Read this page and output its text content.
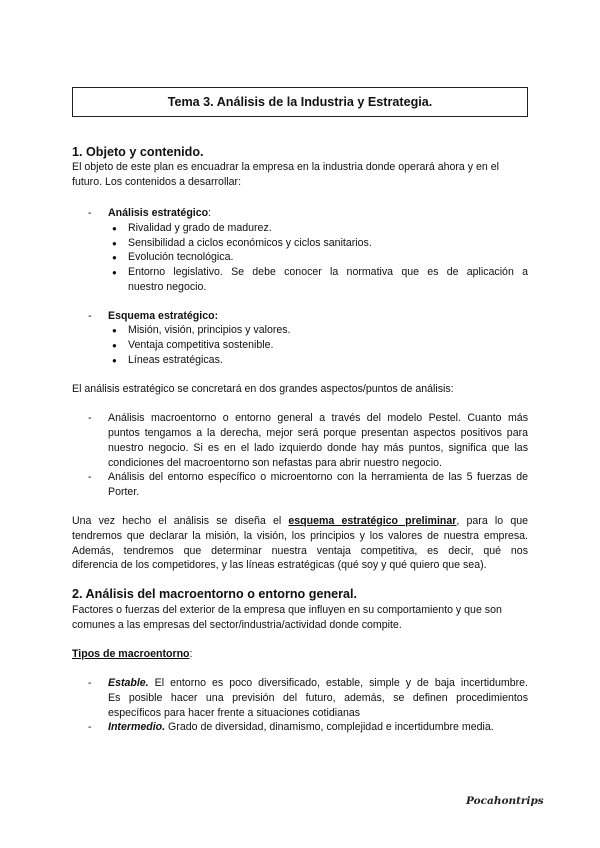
Tema 3. Análisis de la Industria y Estrategia.
1. Objeto y contenido.
El objeto de este plan es encuadrar la empresa en la industria donde operará ahora y en el
futuro. Los contenidos a desarrollar:
- Análisis estratégico:
● Rivalidad y grado de madurez.
● Sensibilidad a ciclos económicos y ciclos sanitarios.
● Evolución tecnológica.
● Entorno legislativo. Se debe conocer la normativa que es de aplicación a
nuestro negocio.
- Esquema estratégico:
● Misión, visión, principios y valores.
● Ventaja competitiva sostenible.
● Líneas estratégicas.
El análisis estratégico se concretará en dos grandes aspectos/puntos de análisis:
- Análisis macroentorno o entorno general a través del modelo Pestel. Cuanto más
puntos tengamos a la derecha, mejor será porque presentan aspectos positivos para
nuestro negocio. Si es en el lado izquierdo donde hay más puntos, significa que las
condiciones del macroentorno son nefastas para abrir nuestro negocio.
- Análisis del entorno específico o microentorno con la herramienta de las 5 fuerzas de
Porter.
Una vez hecho el análisis se diseña el esquema estratégico preliminar, para lo que
tendremos que declarar la misión, la visión, los principios y los valores de nuestra empresa.
Además, tendremos que determinar nuestra ventaja competitiva, es decir, qué nos
diferencia de los competidores, y las líneas estratégicas (qué soy y qué quiero que sea).
2. Análisis del macroentorno o entorno general.
Factores o fuerzas del exterior de la empresa que influyen en su comportamiento y que son
comunes a las empresas del sector/industria/actividad donde compite.
Tipos de macroentorno:
- Estable. El entorno es poco diversificado, estable, simple y de baja incertidumbre.
Es posible hacer una previsión del futuro, además, se definen procedimientos
específicos para hacer frente a situaciones cotidianas
- Intermedio. Grado de diversidad, dinamismo, complejidad e incertidumbre media.
Pocahontrips
